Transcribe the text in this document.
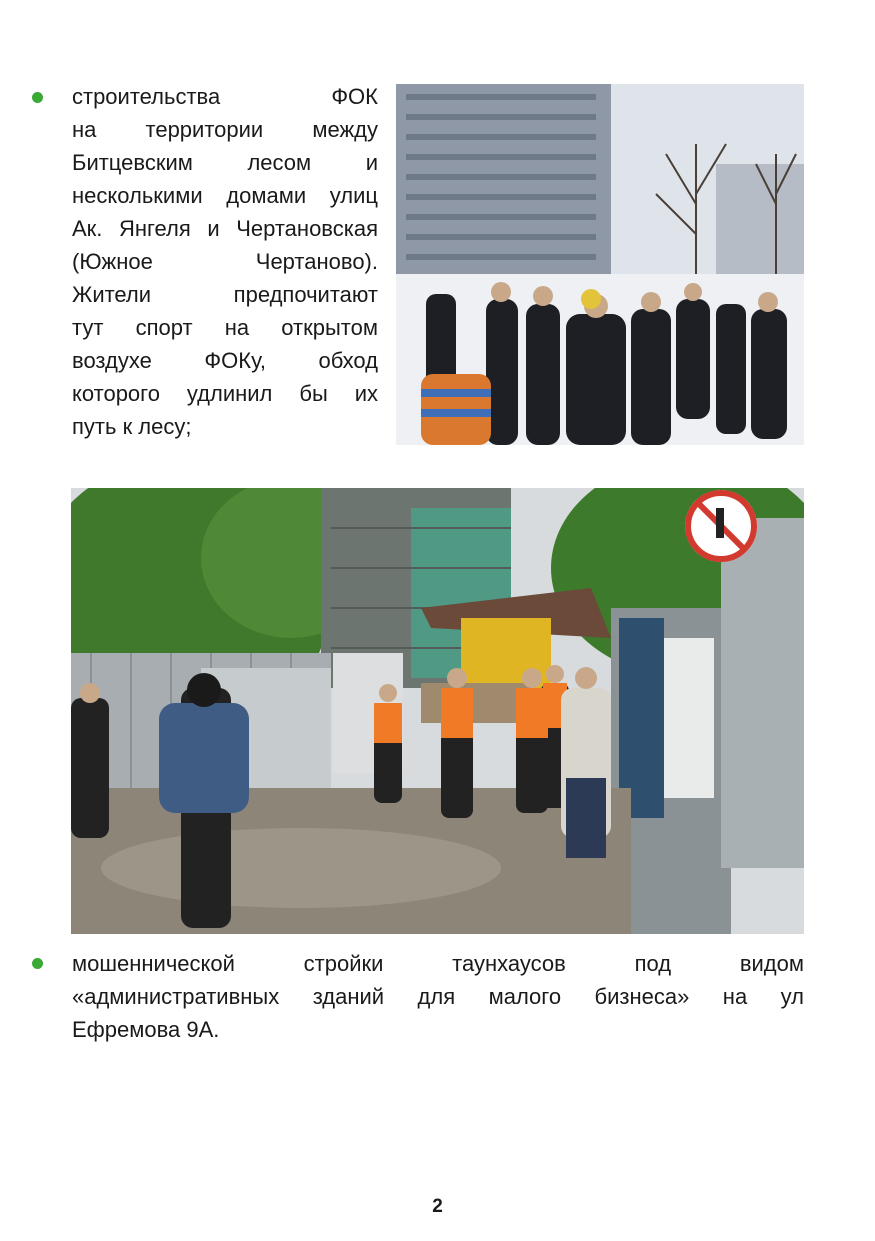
строительства ФОК
на территории между
Битцевским лесом и
несколькими домами улиц
Ак. Янгеля и Чертановская
(Южное Чертаново).
Жители предпочитают
тут спорт на открытом
воздухе ФОКу, обход
которого удлинил бы их
путь к лесу;
мошеннической стройки таунхаусов под видом
«административных зданий для малого бизнеса» на ул
Ефремова 9А.
2
